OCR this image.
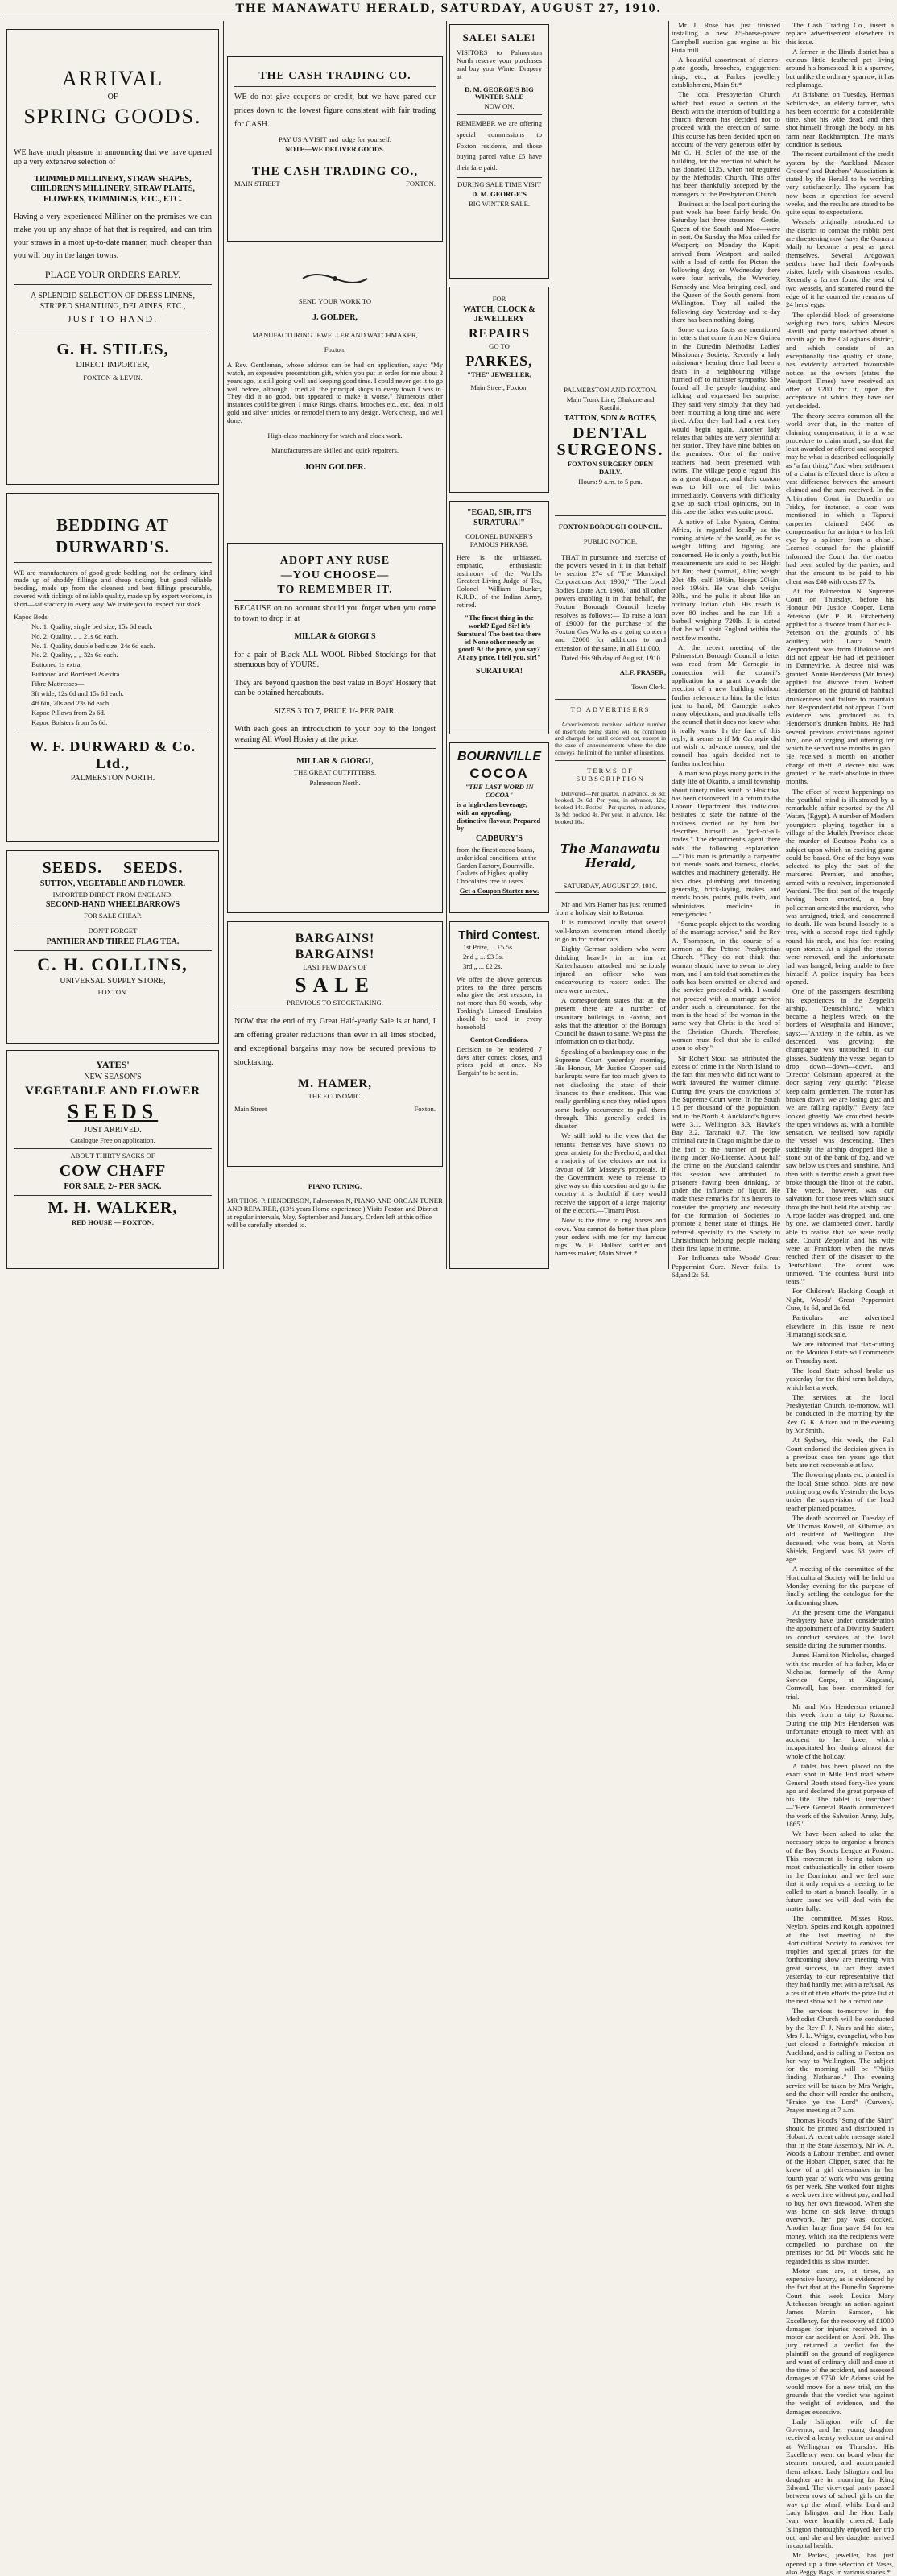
THE MANAWATU HERALD, SATURDAY, AUGUST 27, 1910.

ARRIVAL

OF

SPRING GOODS.

WE have much pleasure in announcing that we have opened up a very extensive selection of

TRIMMED MILLINERY, STRAW SHAPES, CHILDREN'S MILLINERY, STRAW PLAITS, FLOWERS, TRIMMINGS, ETC., ETC.

Having a very experienced Milliner on the premises we can make you up any shape of hat that is required, and can trim your straws in a most up-to-date manner, much cheaper than you will buy in the larger towns.

PLACE YOUR ORDERS EARLY.

A SPLENDID SELECTION OF DRESS LINENS, STRIPED SHANTUNG, DELAINES, ETC.,

JUST TO HAND.

G. H. STILES,

DIRECT IMPORTER,

FOXTON & LEVIN.

BEDDING AT DURWARD'S.

WE are manufacturers of good grade bedding, not the ordinary kind made up of shoddy fillings and cheap ticking, but good reliable bedding, made up from the cleanest and best fillings procurable, covered with tickings of reliable quality, made up by expert workers, in short—satisfactory in every way. We invite you to inspect our stock.

Kapoc Beds—

No. 1. Quality, single bed size, 15s 6d each.

No. 2. Quality, „ „ 21s 6d each.

No. 1. Quality, double bed size, 24s 6d each.

No. 2. Quality, „ „ 32s 6d each.

Buttoned 1s extra.

Buttoned and Bordered 2s extra.

Fibre Mattresses—

3ft wide, 12s 6d and 15s 6d each.

4ft 6in, 20s and 23s 6d each.

Kapoc Pillows from 2s 6d.

Kapoc Bolsters from 5s 6d.

W. F. DURWARD & Co. Ltd.,

PALMERSTON NORTH.

SEEDS. SEEDS.

SUTTON, VEGETABLE AND FLOWER.

IMPORTED DIRECT FROM ENGLAND.

SECOND-HAND WHEELBARROWS

FOR SALE CHEAP.

DON'T FORGET

PANTHER AND THREE FLAG TEA.

C. H. COLLINS,

UNIVERSAL SUPPLY STORE,

FOXTON.

YATES'

NEW SEASON'S

VEGETABLE AND FLOWER

SEEDS

JUST ARRIVED.

Catalogue Free on application.

ABOUT THIRTY SACKS OF

COW CHAFF

FOR SALE, 2/- PER SACK.

M. H. WALKER,

RED HOUSE — FOXTON.

THE CASH TRADING CO.

WE do not give coupons or credit, but we have pared our prices down to the lowest figure consistent with fair trading for CASH.

PAY US A VISIT and judge for yourself.

NOTE—WE DELIVER GOODS.

THE CASH TRADING CO.,

MAIN STREET	FOXTON.

SEND YOUR WORK TO

J. GOLDER,

MANUFACTURING JEWELLER AND WATCHMAKER,

Foxton.

A Rev. Gentleman, whose address can be had on application, says: "My watch, an expensive presentation gift, which you put in order for me about 2 years ago, is still going well and keeping good time. I could never get it to go well before, although I tried all the principal shops in every town I was in. They did it no good, but appeared to make it worse." Numerous other instances could be given. I make Rings, chains, brooches etc., etc., deal in old gold and silver articles, or remodel them to any design. Work cheap, and well done.

High-class machinery for watch and clock work.

Manufacturers are skilled and quick repairers.

JOHN GOLDER.

ADOPT ANY RUSE

—YOU CHOOSE—

TO REMEMBER IT.

BECAUSE on no account should you forget when you come to town to drop in at

MILLAR & GIORGI'S

for a pair of Black ALL WOOL Ribbed Stockings for that strenuous boy of YOURS.

They are beyond question the best value in Boys' Hosiery that can be obtained hereabouts.

SIZES 3 TO 7, PRICE 1/- PER PAIR.

With each goes an introduction to your boy to the longest wearing All Wool Hosiery at the price.

MILLAR & GIORGI,

THE GREAT OUTFITTERS,

Palmerston North.

BARGAINS!

BARGAINS!

LAST FEW DAYS OF

SALE

PREVIOUS TO STOCKTAKING.

NOW that the end of my Great Half-yearly Sale is at hand, I am offering greater reductions than ever in all lines stocked, and exceptional bargains may now be secured previous to stocktaking.

M. HAMER,

THE ECONOMIC.

Main Street	Foxton.

PIANO TUNING.

MR THOS. P. HENDERSON, Palmerston N, PIANO AND ORGAN TUNER AND REPAIRER, (13½ years Home experience.) Visits Foxton and District at regular intervals, May, September and January. Orders left at this office will be carefully attended to.

SALE! SALE!

VISITORS to Palmerston North reserve your purchases and buy your Winter Drapery at

D. M. GEORGE'S BIG WINTER SALE

NOW ON.

REMEMBER we are offering special commissions to Foxton residents, and those buying parcel value £5 have their fare paid.

DURING SALE TIME VISIT

D. M. GEORGE'S

BIG WINTER SALE.

FOR

WATCH, CLOCK & JEWELLERY

REPAIRS

GO TO

PARKES,

"THE" JEWELLER,

Main Street, Foxton.

"EGAD, SIR, IT'S SURATURA!"

COLONEL BUNKER'S FAMOUS PHRASE.

Here is the unbiassed, emphatic, enthusiastic testimony of the World's Greatest Living Judge of Tea, Colonel William Bunker, K.R.D., of the Indian Army, retired.

"The finest thing in the world? Egad Sir! it's Suratura! The best tea there is! None other nearly as good! At the price, you say? At any price, I tell you, sir!"

SURATURA!

BOURNVILLE

COCOA

"THE LAST WORD IN COCOA"

is a high-class beverage, with an appealing, distinctive flavour. Prepared by

CADBURY'S

from the finest cocoa beans, under ideal conditions, at the Garden Factory, Bournville. Caskets of highest quality Chocolates free to users.

Get a Coupon Starter now.

Third Contest.

1st Prize, ... £5 5s.

2nd „ ... £3 3s.

3rd „ ... £2 2s.

We offer the above generous prizes to the three persons who give the best reasons, in not more than 50 words, why Tonking's Linseed Emulsion should be used in every household.

Contest Conditions.

Decision to be rendered 7 days after contest closes, and prizes paid at once. No 'Bargain' to be sent in.

PALMERSTON AND FOXTON.

Main Trunk Line, Ohakune and Raetihi.

TATTON, SON & BOTES,

DENTAL SURGEONS.

FOXTON SURGERY OPEN DAILY.

Hours: 9 a.m. to 5 p.m.

FOXTON BOROUGH COUNCIL.

PUBLIC NOTICE.

THAT in pursuance and exercise of the powers vested in it in that behalf by section 274 of "The Municipal Corporations Act, 1908," "The Local Bodies Loans Act, 1908," and all other powers enabling it in that behalf, the Foxton Borough Council hereby resolves as follows:— To raise a loan of £9000 for the purchase of the Foxton Gas Works as a going concern and £2000 for additions to and extension of the same, in all £11,000.

Dated this 9th day of August, 1910.

ALF. FRASER,

Town Clerk.

TO ADVERTISERS

Advertisements received without number of insertions being stated will be continued and charged for until ordered out, except in the case of announcements where the date conveys the limit of the number of insertions.

TERMS OF SUBSCRIPTION

Delivered—Per quarter, in advance, 3s 3d; booked, 3s 6d. Per year, in advance, 12s; booked 14s. Posted—Per quarter, in advance, 3s 9d; booked 4s. Per year, in advance, 14s; booked 16s.

The Manawatu Herald,

SATURDAY, AUGUST 27, 1910.

Mr and Mrs Hamer has just returned from a holiday visit to Rotorua.

It is rumoured locally that several well-known townsmen intend shortly to go in for motor cars.

Eighty German soldiers who were drinking heavily in an inn at Kaltenhausen attacked and seriously injured an officer who was endeavouring to restore order. The men were arrested.

A correspondent states that at the present there are a number of insanitary buildings in Foxton, and asks that the attention of the Borough Council be drawn to same. We pass the information on to that body.

Speaking of a bankruptcy case in the Supreme Court yesterday morning, His Honour, Mr Justice Cooper said bankrupts were far too much given to not disclosing the state of their finances to their creditors. This was really gambling since they relied upon some lucky occurrence to pull them through. This generally ended in disaster.

We still hold to the view that the tenants themselves have shown no great anxiety for the Freehold, and that a majority of the electors are not in favour of Mr Massey's proposals. If the Government were to release to give way on this question and go to the country it is doubtful if they would receive the support of a large majority of the electors.—Timaru Post.

Now is the time to rug horses and cows. You cannot do better than place your orders with me for my famous rugs. W. E. Bullard saddler and harness maker, Main Street.*

Mr J. Rose has just finished installing a new 85-horse-power Campbell suction gas engine at his Huia mill.

A beautiful assortment of electro-plate goods, brooches, engagement rings, etc., at Parkes' jewellery establishment, Main St.*

The local Presbyterian Church which had leased a section at the Beach with the intention of building a church thereon has decided not to proceed with the erection of same. This course has been decided upon on account of the very generous offer by Mr G. H. Stiles of the use of the building, for the erection of which he has donated £125, when not required by the Methodist Church. This offer has been thankfully accepted by the managers of the Presbyterian Church.

Business at the local port during the past week has been fairly brisk. On Saturday last three steamers—Gertie, Queen of the South and Moa—were in port. On Sunday the Moa sailed for Westport; on Monday the Kapiti arrived from Westport, and sailed with a load of cattle for Picton the following day; on Wednesday there were four arrivals, the Waverley, Kennedy and Moa bringing coal, and the Queen of the South general from Wellington. They all sailed the following day. Yesterday and to-day there has been nothing doing.

Some curious facts are mentioned in letters that come from New Guinea in the Dunedin Methodist Ladies' Missionary Society. Recently a lady missionary hearing there had been a death in a neighbouring village hurried off to minister sympathy. She found all the people laughing and talking, and expressed her surprise. They said very simply that they had been mourning a long time and were tired. After they had had a rest they would begin again. Another lady relates that babies are very plentiful at her station. They have nine babies on the premises. One of the native teachers had been presented with twins. The village people regard this as a great disgrace, and their custom was to kill one of the twins immediately. Converts with difficulty give up such tribal opinions, but in this case the father was quite proud.

A native of Lake Nyassa, Central Africa, is regarded locally as the coming athlete of the world, as far as weight lifting and fighting are concerned. He is only a youth, but his measurements are said to be: Height 6ft 8in; chest (normal), 61in; weight 20st 4lb; calf 19½in, biceps 20½in; neck 19½in. He was club weighs 30lb., and he pulls it about like an ordinary Indian club. His reach is over 80 inches and he can lift a barbell weighing 720lb. It is stated that he will visit England within the next few months.

At the recent meeting of the Palmerston Borough Council a letter was read from Mr Carnegie in connection with the council's application for a grant towards the erection of a new building without further reference to him. In the letter just to hand, Mr Carnegie makes many objections, and practically tells the council that it does not know what it really wants. In the face of this reply, it seems as if Mr Carnegie did not wish to advance money, and the council has again decided not to further molest him.

A man who plays many parts in the daily life of Okarito, a small township about ninety miles south of Hokitika, has been discovered. In a return to the Labour Department this individual hesitates to state the nature of the business carried on by him but describes himself as "jack-of-all-trades." The department's agent there adds the following explanation:—"This man is primarily a carpenter but mends boots and harness, clocks, watches and machinery generally. He also does plumbing and tinkering generally, brick-laying, makes and mends boots, paints, pulls teeth, and administers medicine in emergencies."

"Some people object to the wording of the marriage service," said the Rev A. Thompson, in the course of a sermon at the Petone Presbyterian Church. "They do not think that woman should have to swear to obey man, and I am told that sometimes the oath has been omitted or altered and the service proceeded with. I would not proceed with a marriage service under such a circumstance, for the man is the head of the woman in the same way that Christ is the head of the Christian Church. Therefore, woman must feel that she is called upon to obey."

Sir Robert Stout has attributed the excess of crime in the North Island to the fact that men who did not want to work favoured the warmer climate. During five years the convictions of the Supreme Court were: In the South 1.5 per thousand of the population, and in the North 3. Auckland's figures were 3.1, Wellington 3.3, Hawke's Bay 3.2, Taranaki 0.7. The low criminal rate in Otago might be due to the fact of the number of people living under No-License. About half the crime on the Auckland calendar this session was attributed to prisoners having been drinking, or under the influence of liquor. He made these remarks for his hearers to consider the propriety and necessity for the formation of Societies to promote a better state of things. He referred specially to the Society in Christchurch helping people making their first lapse in crime.

For Influenza take Woods' Great Peppermint Cure. Never fails. 1s 6d,and 2s 6d.

The Cash Trading Co., insert a replace advertisement elsewhere in this issue.

A farmer in the Hinds district has a curious little feathered pet living around his homestead. It is a sparrow, but unlike the ordinary sparrow, it has red plumage.

At Brisbane, on Tuesday, Herman Schilcolske, an elderly farmer, who has been eccentric for a considerable time, shot his wife dead, and then shot himself through the body, at his farm near Rockhampton. The man's condition is serious.

The recent curtailment of the credit system by the Auckland Master Grocers' and Butchers' Association is stated by the Herald to be working very satisfactorily. The system has now been in operation for several weeks, and the results are stated to be quite equal to expectations.

Weasels originally introduced to the district to combat the rabbit pest are threatening now (says the Oamaru Mail) to become a pest as great themselves. Several Ardgowan settlers have had their fowl-yards visited lately with disastrous results. Recently a farmer found the nest of two weasels, and scattered round the edge of it he counted the remains of 24 hens' eggs.

The splendid block of greenstone weighing two tons, which Messrs Havill and party unearthed about a month ago in the Callaghans district, and which consists of an exceptionally fine quality of stone, has evidently attracted favourable notice, as the owners (states the Westport Times) have received an offer of £200 for it, upon the acceptance of which they have not yet decided.

The theory seems common all the world over that, in the matter of claiming compensation, it is a wise procedure to claim much, so that the least awarded or offered and accepted may be what is described colloquially as "a fair thing." And when settlement of a claim is effected there is often a vast difference between the amount claimed and the sum received. In the Arbitration Court in Dunedin on Friday, for instance, a case was mentioned in which a Taparui carpenter claimed £450 as compensation for an injury to his left eye by a splinter from a chisel. Learned counsel for the plaintiff informed the Court that the matter had been settled by the parties, and that the amount to be paid to his client was £40 with costs £7 7s.

At the Palmerston N. Supreme Court on Thursday, before his Honour Mr Justice Cooper, Lena Peterson (Mr P. B. Fitzherbert) applied for a divorce from Charles H. Peterson on the grounds of his adultery with Laura Smith. Respondent was from Ohakune and did not appear. He had let petitioner in Dannevirke. A decree nisi was granted. Annie Henderson (Mr Innes) applied for divorce from Robert Henderson on the ground of habitual drunkenness and failure to maintain her. Respondent did not appear. Court evidence was produced as to Henderson's drunken habits. He had several previous convictions against him, one of forging and uttering for which he served nine months in gaol. He received a month on another charge of theft. A decree nisi was granted, to be made absolute in three months.

The effect of recent happenings on the youthful mind is illustrated by a remarkable affair reported by the Al Watan, (Egypt). A number of Moslem youngsters playing together in a village of the Muileh Province chose the murder of Boutros Pasha as a subject upon which an exciting game could be based. One of the boys was selected to play the part of the murdered Premier, and another, armed with a revolver, impersonated Wardani. The first part of the tragedy having been enacted, a boy policeman arrested the murderer, who was arraigned, tried, and condemned to death. He was bound loosely to a tree, with a second rope tied tightly round his neck, and his feet resting upon stones. At a signal the stones were removed, and the unfortunate lad was hanged, being unable to free himself. A police inquiry has been opened.

One of the passengers describing his experiences in the Zeppelin airship, "Deutschland," which became a helpless wreck on the borders of Westphalia and Hanover, says:—"Anxiety in the cabin, as we descended, was growing; the champagne was untouched in our glasses. Suddenly the vessel began to drop down—down—down, and Director Colsmann appeared at the door saying very quietly: "Please keep calm, gentlemen. The motor has broken down; we are losing gas; and we are falling rapidly." Every face looked ghastly. We crouched beside the open windows as, with a horrible sensation, we realised how rapidly the vessel was descending. Then suddenly the airship dropped like a stone out of the bank of fog, and we saw below us trees and sunshine. And then with a terrific crash a great tree broke through the floor of the cabin. The wreck, however, was our salvation, for those trees which stuck through the hull held the airship fast. A rope ladder was dropped, and, one by one, we clambered down, hardly able to realise that we were really safe. Count Zeppelin and his wife were at Frankfort when the news reached them of the disaster to the Deutschland. The count was unmoved. 'The countess burst into tears.'"

For Children's Hacking Cough at Night, Woods' Great Peppermint Cure, 1s 6d, and 2s 6d.

Particulars are advertised elsewhere in this issue re next Himatangi stock sale.

We are informed that flax-cutting on the Moutoa Estate will commence on Thursday next.

The local State school broke up yesterday for the third term holidays, which last a week.

The services at the local Presbyterian Church, to-morrow, will be conducted in the morning by the Rev. G. K. Aitken and in the evening by Mr Smith.

At Sydney, this week, the Full Court endorsed the decision given in a previous case ten years ago that bets are not recoverable at law.

The flowering plants etc. planted in the local State school plots are now putting on growth. Yesterday the boys under the supervision of the head teacher planted potatoes.

The death occurred on Tuesday of Mr Thomas Rowell, of Kilbirnie, an old resident of Wellington. The deceased, who was born, at North Shields, England, was 68 years of age.

A meeting of the committee of the Horticultural Society will be held on Monday evening for the purpose of finally settling the catalogue for the forthcoming show.

At the present time the Wanganui Presbytery have under consideration the appointment of a Divinity Student to conduct services at the local seaside during the summer months.

James Hamilton Nicholas, charged with the murder of his father, Major Nicholas, formerly of the Army Service Corps, at Kingsand, Cornwall, has been committed for trial.

Mr and Mrs Henderson returned this week from a trip to Rotorua. During the trip Mrs Henderson was unfortunate enough to meet with an accident to her knee, which incapacitated her during almost the whole of the holiday.

A tablet has been placed on the exact spot in Mile End road where General Booth stood forty-five years ago and declared the great purpose of his life. The tablet is inscribed:—"Here General Booth commenced the work of the Salvation Army, July, 1865."

We have been asked to take the necessary steps to organise a branch of the Boy Scouts League at Foxton. This movement is being taken up most enthusiastically in other towns in the Dominion, and we feel sure that it only requires a meeting to be called to start a branch locally. In a future issue we will deal with the matter fully.

The committee, Misses Ross, Neylon, Speirs and Rough, appointed at the last meeting of the Horticultural Society to canvass for trophies and special prizes for the forthcoming show are meeting with great success, in fact they stated yesterday to our representative that they had hardly met with a refusal. As a result of their efforts the prize list at the next show will be a record one.

The services to-morrow in the Methodist Church will be conducted by the Rev F. J. Nairs and his sister, Mrs J. L. Wright, evangelist, who has just closed a fortnight's mission at Auckland, and is calling at Foxton on her way to Wellington. The subject for the morning will be "Philip finding Nathanael." The evening service will be taken by Mrs Wright, and the choir will render the anthem, "Praise ye the Lord" (Curwen). Prayer meeting at 7 a.m.

Thomas Hood's "Song of the Shirt" should be printed and distributed in Hobart. A recent cable message stated that in the State Assembly, Mr W. A. Woods a Labour member, and owner of the Hobart Clipper, stated that he knew of a girl dressmaker in her fourth year of work who was getting 6s per week. She worked four nights a week overtime without pay, and had to buy her own firewood. When she was home on sick leave, through overwork, her pay was docked. Another large firm gave £4 for tea money, which tea the recipients were compelled to purchase on the premises for 5d. Mr Woods said he regarded this as slow murder.

Motor cars are, at times, an expensive luxury, as is evidenced by the fact that at the Dunedin Supreme Court this week Louisa Mary Aitchesson brought an action against James Martin Samson, his Excellency, for the recovery of £1000 damages for injuries received in a motor car accident on April 9th. The jury returned a verdict for the plaintiff on the ground of negligence and want of ordinary skill and care at the time of the accident, and assessed damages at £750. Mr Adams said he would move for a new trial, on the grounds that the verdict was against the weight of evidence, and the damages excessive.

Lady Islington, wife of the Governor, and her young daughter received a hearty welcome on arrival at Wellington on Thursday. His Excellency went on board when the steamer moored, and accompanied them ashore. Lady Islington and her daughter are in mourning for King Edward. The vice-regal party passed between rows of school girls on the way up the wharf, whilst Lord and Lady Islington and the Hon. Lady Ivan were heartily cheered. Lady Islington thoroughly enjoyed her trip out, and she and her daughter arrived in capital health.

Mr Parkes, jeweller, has just opened up a fine selection of Vases, also Peggy Bags, in various shades.*
